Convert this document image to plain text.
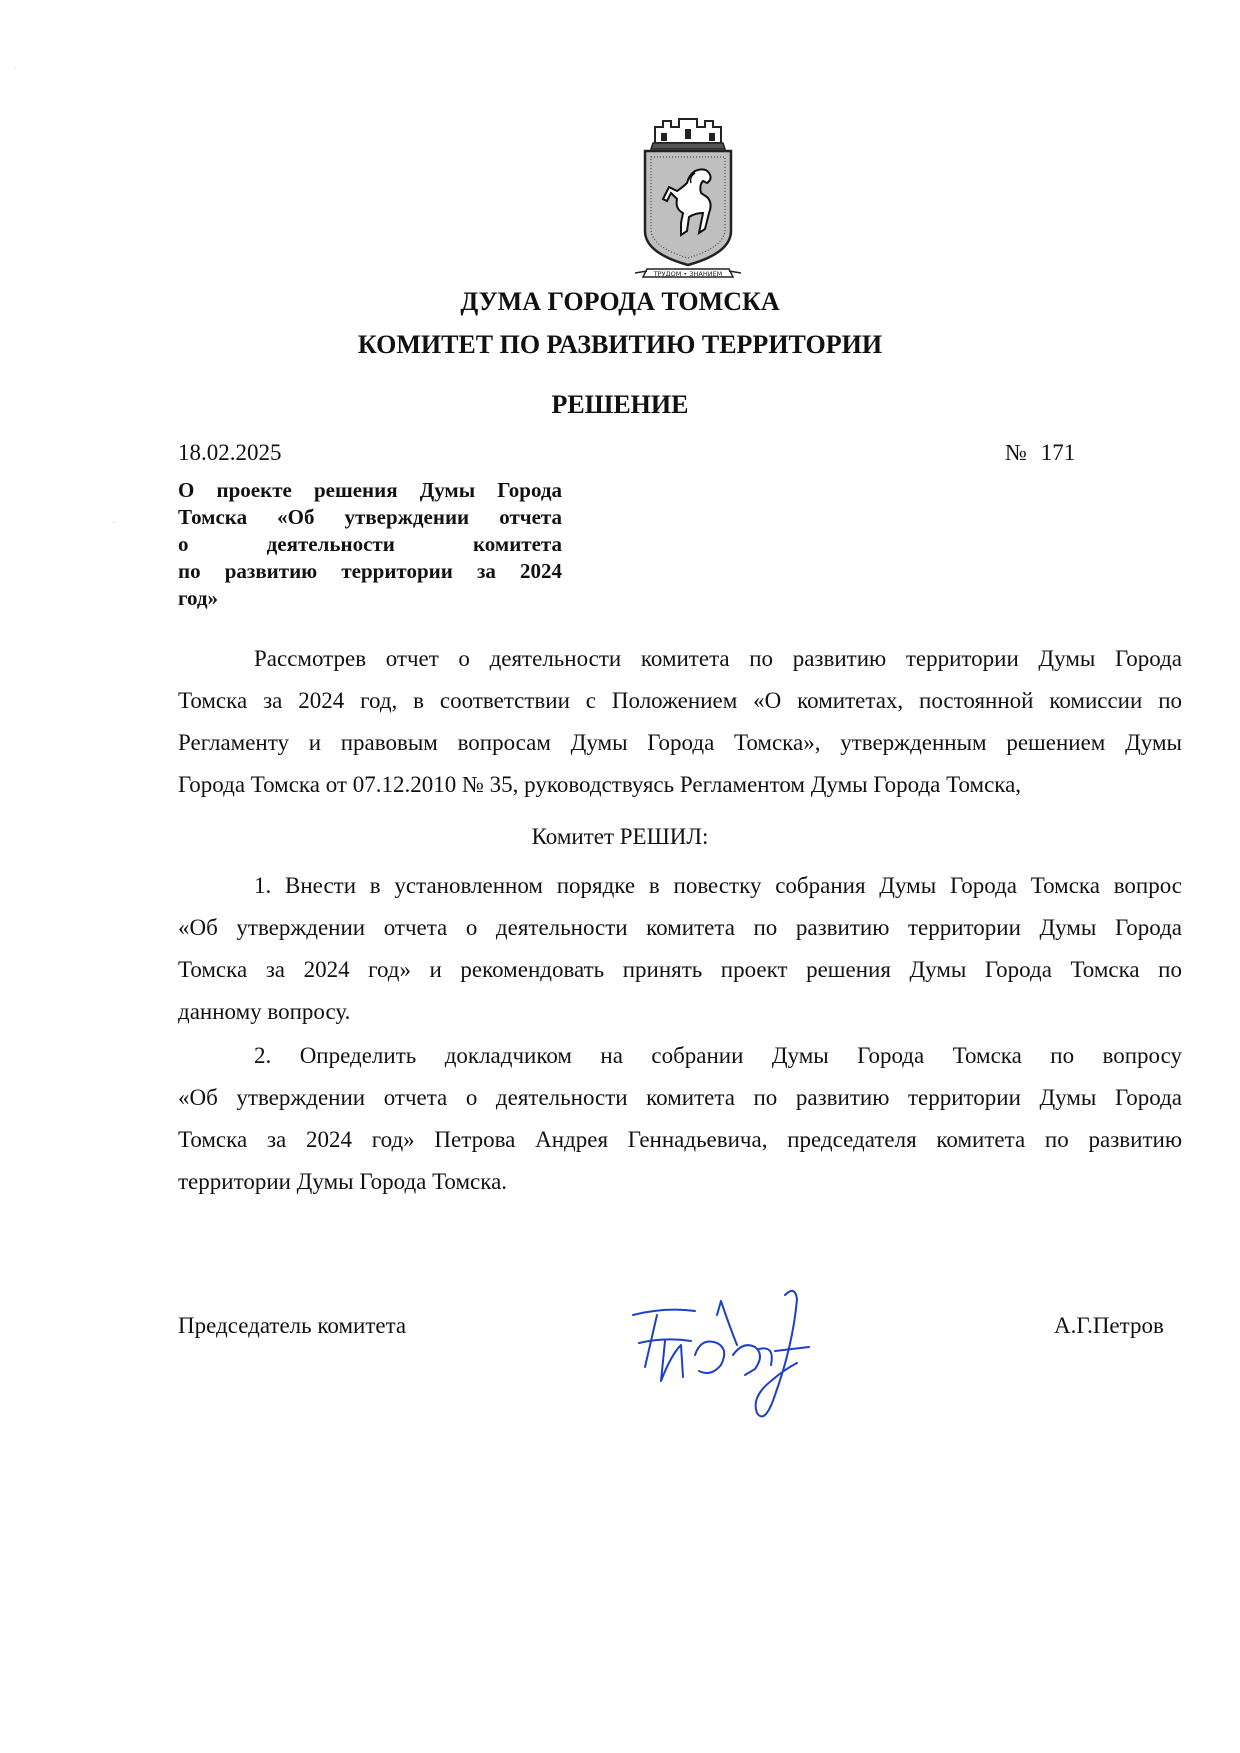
ТРУДОМ • ЗНАНИЕМ
ДУМА ГОРОДА ТОМСКА
КОМИТЕТ ПО РАЗВИТИЮ ТЕРРИТОРИИ
РЕШЕНИЕ
18.02.2025	№ 171
О проекте решения Думы Города
Томска «Об утверждении отчета
о деятельности комитета
по развитию территории за 2024
год»
Рассмотрев отчет о деятельности комитета по развитию территории Думы Города
Томска за 2024 год, в соответствии с Положением «О комитетах, постоянной комиссии по
Регламенту и правовым вопросам Думы Города Томска», утвержденным решением Думы
Города Томска от 07.12.2010 № 35, руководствуясь Регламентом Думы Города Томска,
Комитет РЕШИЛ:
1. Внести в установленном порядке в повестку собрания Думы Города Томска вопрос
«Об утверждении отчета о деятельности комитета по развитию территории Думы Города
Томска за 2024 год» и рекомендовать принять проект решения Думы Города Томска по
данному вопросу.
2. Определить докладчиком на собрании Думы Города Томска по вопросу
«Об утверждении отчета о деятельности комитета по развитию территории Думы Города
Томска за 2024 год» Петрова Андрея Геннадьевича, председателя комитета по развитию
территории Думы Города Томска.
Председатель комитета	А.Г.Петров
·
·
